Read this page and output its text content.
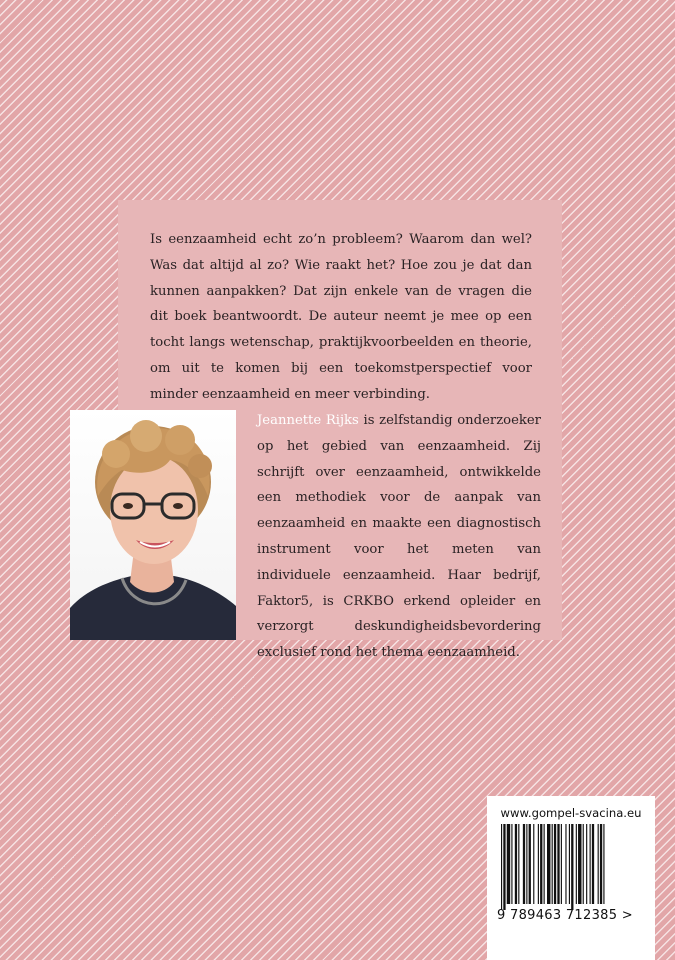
Is eenzaamheid echt zo’n probleem? Waarom dan wel? Was dat altijd al zo? Wie raakt het? Hoe zou je dat dan kunnen aanpakken? Dat zijn enkele van de vragen die dit boek beantwoordt. De auteur neemt je mee op een tocht langs wetenschap, praktijkvoorbeelden en theorie, om uit te komen bij een toekomstperspectief voor minder eenzaamheid en meer verbinding.

Jeannette Rijks is zelfstandig onderzoeker op het gebied van eenzaamheid. Zij schrijft over eenzaamheid, ontwikkelde een methodiek voor de aanpak van eenzaamheid en maakte een diagnostisch instrument voor het meten van individuele eenzaamheid. Haar bedrijf, Faktor5, is CRKBO erkend opleider en verzorgt deskundigheidsbevordering exclusief rond het thema eenzaamheid.

www.gompel-svacina.eu
9 789463 712385 >
